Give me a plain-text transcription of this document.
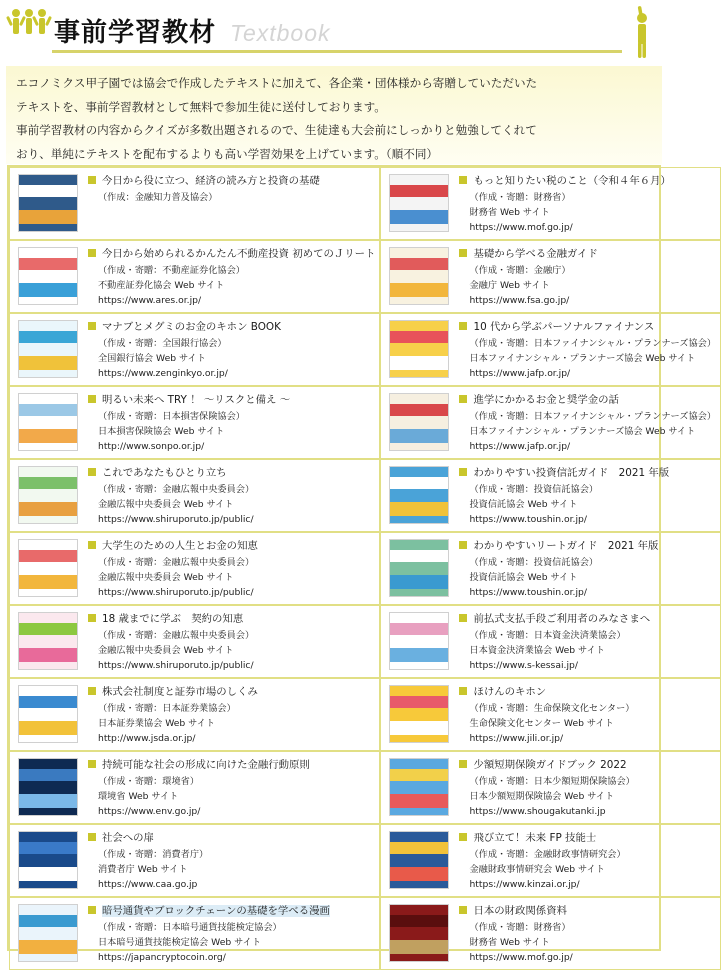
事前学習教材 Textbook
エコノミクス甲子園では協会で作成したテキストに加えて、各企業・団体様から寄贈していただいた
テキストを、事前学習教材として無料で参加生徒に送付しております。
事前学習教材の内容からクイズが多数出題されるので、生徒達も大会前にしっかりと勉強してくれて
おり、単純にテキストを配布するよりも高い学習効果を上げています。（順不同）
今日から役に立つ、経済の読み方と投資の基礎
（作成：金融知力普及協会）
もっと知りたい税のこと（令和４年６月）
（作成・寄贈：財務省）
財務省 Web サイト
https://www.mof.go.jp/
今日から始められるかんたん不動産投資 初めてのＪリート
（作成・寄贈：不動産証券化協会）
不動産証券化協会 Web サイト
https://www.ares.or.jp/
基礎から学べる金融ガイド
（作成・寄贈：金融庁）
金融庁 Web サイト
https://www.fsa.go.jp/
マナブとメグミのお金のキホン BOOK
（作成・寄贈：全国銀行協会）
全国銀行協会 Web サイト
https://www.zenginkyo.or.jp/
10 代から学ぶパーソナルファイナンス
（作成・寄贈：日本ファイナンシャル・プランナーズ協会）
日本ファイナンシャル・プランナーズ協会 Web サイト
https://www.jafp.or.jp/
明るい未来へ TRY ！ ～リスクと備え ～
（作成・寄贈：日本損害保険協会）
日本損害保険協会 Web サイト
http://www.sonpo.or.jp/
進学にかかるお金と奨学金の話
（作成・寄贈：日本ファイナンシャル・プランナーズ協会）
日本ファイナンシャル・プランナーズ協会 Web サイト
https://www.jafp.or.jp/
これであなたもひとり立ち
（作成・寄贈：金融広報中央委員会）
金融広報中央委員会 Web サイト
https://www.shiruporuto.jp/public/
わかりやすい投資信託ガイド　2021 年版
（作成・寄贈：投資信託協会）
投資信託協会 Web サイト
https://www.toushin.or.jp/
大学生のための人生とお金の知恵
（作成・寄贈：金融広報中央委員会）
金融広報中央委員会 Web サイト
https://www.shiruporuto.jp/public/
わかりやすいリートガイド　2021 年版
（作成・寄贈：投資信託協会）
投資信託協会 Web サイト
https://www.toushin.or.jp/
18 歳までに学ぶ　契約の知恵
（作成・寄贈：金融広報中央委員会）
金融広報中央委員会 Web サイト
https://www.shiruporuto.jp/public/
前払式支払手段ご利用者のみなさまへ
（作成・寄贈：日本資金決済業協会）
日本資金決済業協会 Web サイト
https://www.s-kessai.jp/
株式会社制度と証券市場のしくみ
（作成・寄贈：日本証券業協会）
日本証券業協会 Web サイト
http://www.jsda.or.jp/
ほけんのキホン
（作成・寄贈：生命保険文化センター）
生命保険文化センター Web サイト
https://www.jili.or.jp/
持続可能な社会の形成に向けた金融行動原則
（作成・寄贈：環境省）
環境省 Web サイト
https://www.env.go.jp/
少額短期保険ガイドブック 2022
（作成・寄贈：日本少額短期保険協会）
日本少額短期保険協会 Web サイト
https://www.shougakutanki.jp
社会への扉
（作成・寄贈：消費者庁）
消費者庁 Web サイト
https://www.caa.go.jp
飛び立て！未来 FP 技能士
（作成・寄贈：金融財政事情研究会）
金融財政事情研究会 Web サイト
https://www.kinzai.or.jp/
暗号通貨やブロックチェーンの基礎を学べる漫画
（作成・寄贈：日本暗号通貨技能検定協会）
日本暗号通貨技能検定協会 Web サイト
https://japancryptocoin.org/
日本の財政関係資料
（作成・寄贈：財務省）
財務省 Web サイト
https://www.mof.go.jp/
